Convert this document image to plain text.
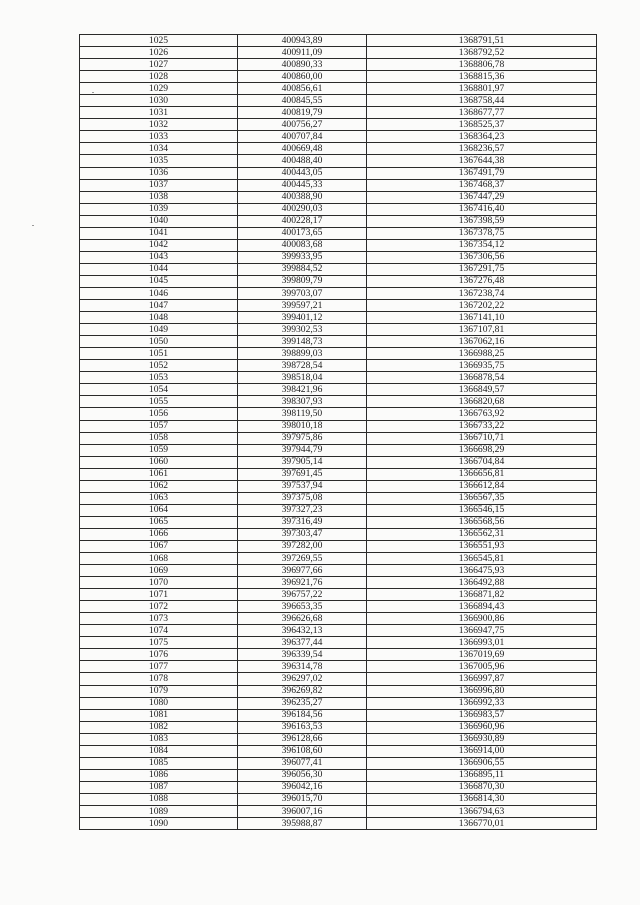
1025	400943,89	1368791,51
1026	400911,09	1368792,52
1027	400890,33	1368806,78
1028	400860,00	1368815,36
1029	400856,61	1368801,97
1030	400845,55	1368758,44
1031	400819,79	1368677,77
1032	400756,27	1368525,37
1033	400707,84	1368364,23
1034	400669,48	1368236,57
1035	400488,40	1367644,38
1036	400443,05	1367491,79
1037	400445,33	1367468,37
1038	400388,90	1367447,29
1039	400290,03	1367416,40
1040	400228,17	1367398,59
1041	400173,65	1367378,75
1042	400083,68	1367354,12
1043	399933,95	1367306,56
1044	399884,52	1367291,75
1045	399809,79	1367276,48
1046	399703,07	1367238,74
1047	399597,21	1367202,22
1048	399401,12	1367141,10
1049	399302,53	1367107,81
1050	399148,73	1367062,16
1051	398899,03	1366988,25
1052	398728,54	1366935,75
1053	398518,04	1366878,54
1054	398421,96	1366849,57
1055	398307,93	1366820,68
1056	398119,50	1366763,92
1057	398010,18	1366733,22
1058	397975,86	1366710,71
1059	397944,79	1366698,29
1060	397905,14	1366704,84
1061	397691,45	1366656,81
1062	397537,94	1366612,84
1063	397375,08	1366567,35
1064	397327,23	1366546,15
1065	397316,49	1366568,56
1066	397303,47	1366562,31
1067	397282,00	1366551,93
1068	397269,55	1366545,81
1069	396977,66	1366475,93
1070	396921,76	1366492,88
1071	396757,22	1366871,82
1072	396653,35	1366894,43
1073	396626,68	1366900,86
1074	396432,13	1366947,75
1075	396377,44	1366993,01
1076	396339,54	1367019,69
1077	396314,78	1367005,96
1078	396297,02	1366997,87
1079	396269,82	1366996,80
1080	396235,27	1366992,33
1081	396184,56	1366983,57
1082	396163,53	1366960,96
1083	396128,66	1366930,89
1084	396108,60	1366914,00
1085	396077,41	1366906,55
1086	396056,30	1366895,11
1087	396042,16	1366870,30
1088	396015,70	1366814,30
1089	396007,16	1366794,63
1090	395988,87	1366770,01
